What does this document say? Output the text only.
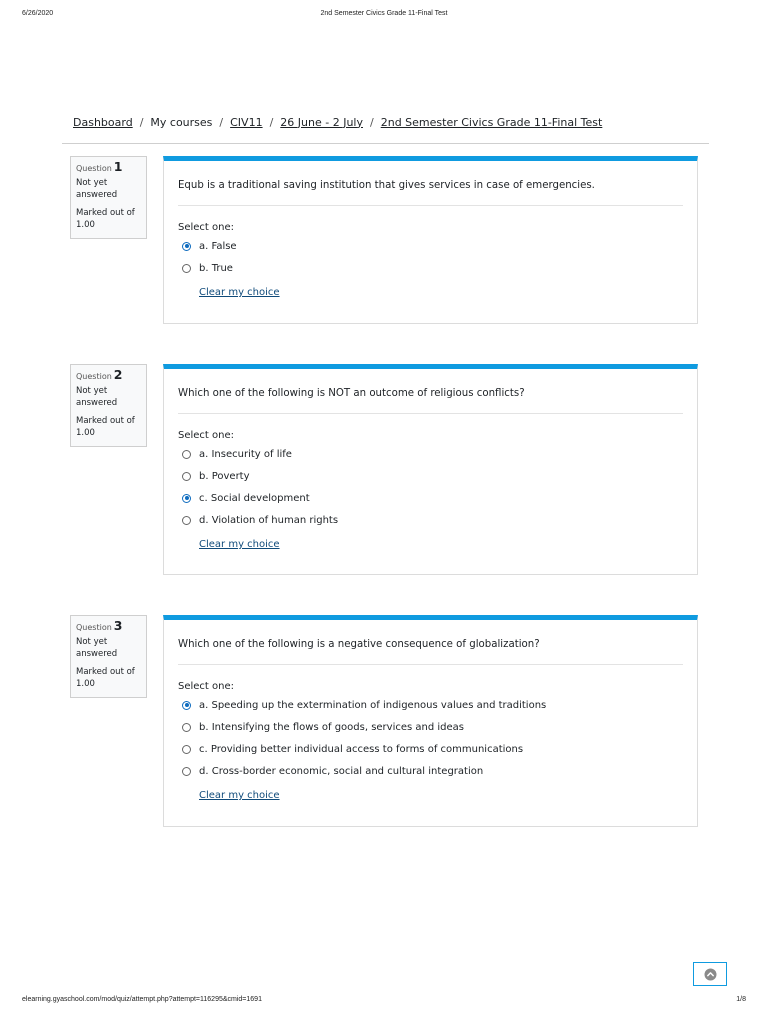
6/26/2020	2nd Semester Civics Grade 11-Final Test
Dashboard / My courses / CIV11 / 26 June - 2 July / 2nd Semester Civics Grade 11-Final Test
Question 1
Not yet answered
Marked out of
1.00
Equb is a traditional saving institution that gives services in case of emergencies.
Select one:
a. False
b. True
Clear my choice
Question 2
Not yet answered
Marked out of
1.00
Which one of the following is NOT an outcome of religious conflicts?
Select one:
a. Insecurity of life
b. Poverty
c. Social development
d. Violation of human rights
Clear my choice
Question 3
Not yet answered
Marked out of
1.00
Which one of the following is a negative consequence of globalization?
Select one:
a. Speeding up the extermination of indigenous values and traditions
b. Intensifying the flows of goods, services and ideas
c. Providing better individual access to forms of communications
d. Cross-border economic, social and cultural integration
Clear my choice
elearning.gyaschool.com/mod/quiz/attempt.php?attempt=116295&cmid=1691	1/8
